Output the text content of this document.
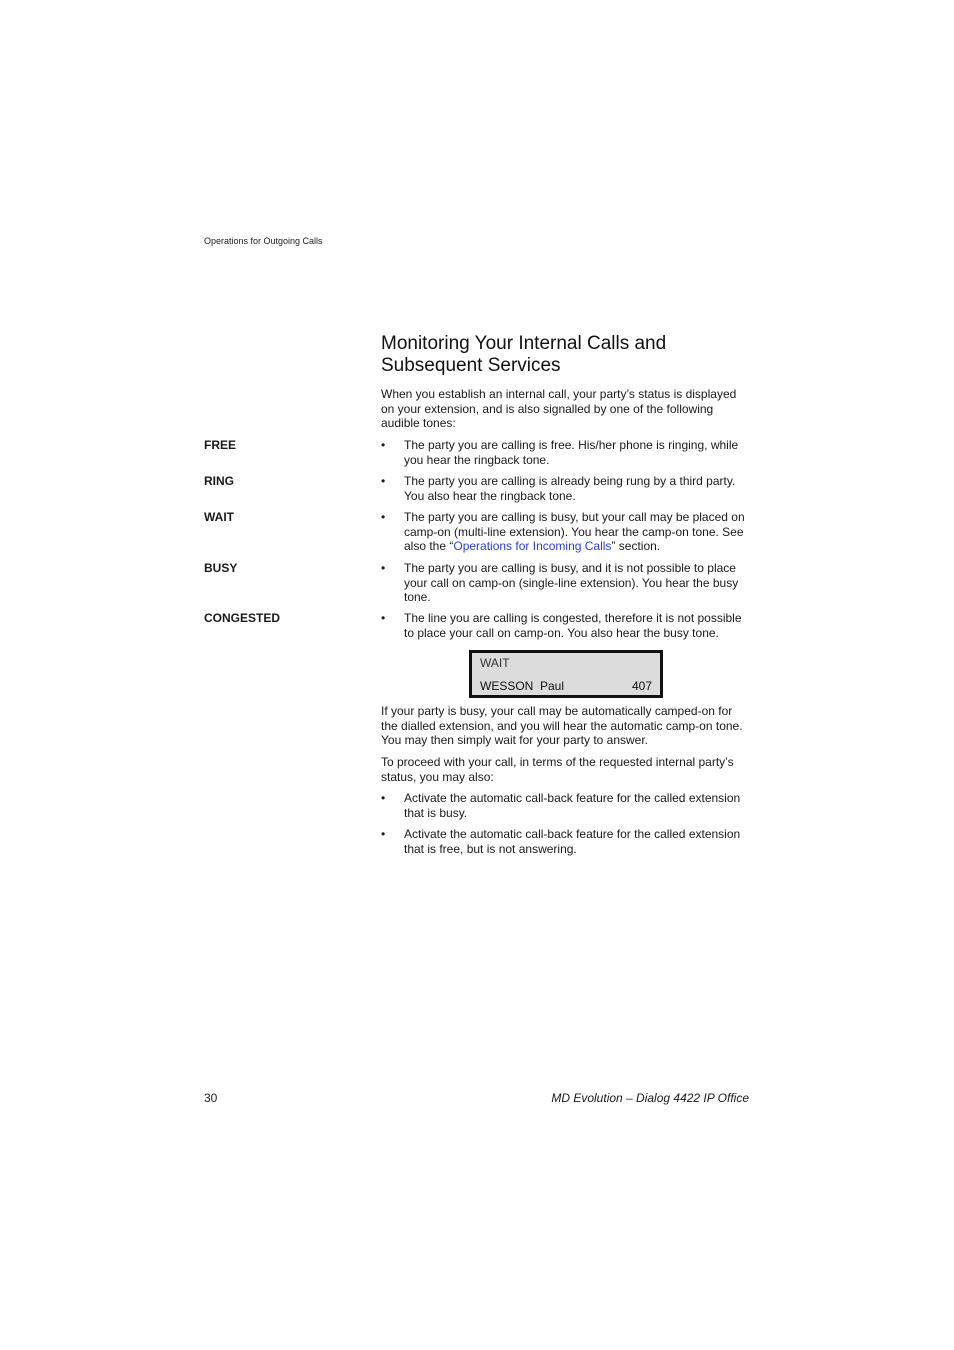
Operations for Outgoing Calls
Monitoring Your Internal Calls and
Subsequent Services

When you establish an internal call, your party’s status is displayed on your extension, and is also signalled by one of the following audible tones:

FREE	•	The party you are calling is free. His/her phone is ringing, while you hear the ringback tone.
RING	•	The party you are calling is already being rung by a third party. You also hear the ringback tone.
WAIT	•	The party you are calling is busy, but your call may be placed on camp-on (multi-line extension). You hear the camp-on tone. See also the “Operations for Incoming Calls” section.
BUSY	•	The party you are calling is busy, and it is not possible to place your call on camp-on (single-line extension). You hear the busy tone.
CONGESTED	•	The line you are calling is congested, therefore it is not possible to place your call on camp-on. You also hear the busy tone.
WAIT
WESSON  Paul	407

If your party is busy, your call may be automatically camped-on for the dialled extension, and you will hear the automatic camp-on tone. You may then simply wait for your party to answer.

To proceed with your call, in terms of the requested internal party’s status, you may also:

•	Activate the automatic call-back feature for the called extension that is busy.
•	Activate the automatic call-back feature for the called extension that is free, but is not answering.
30	MD Evolution – Dialog 4422 IP Office
